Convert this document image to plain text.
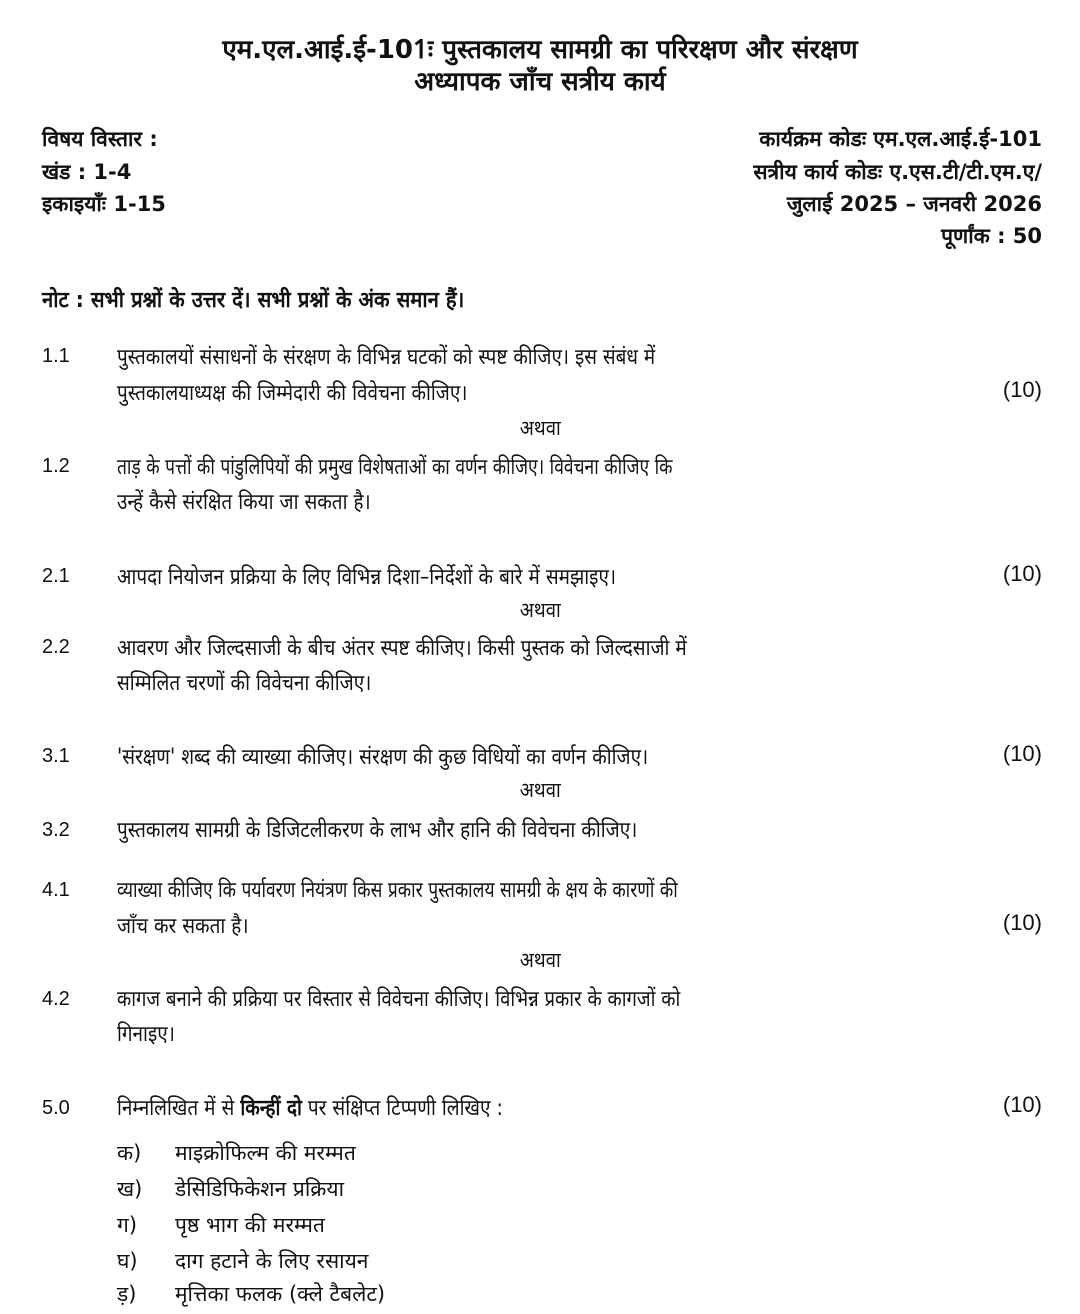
एम.एल.आई.ई-101ः पुस्तकालय सामग्री का परिरक्षण और संरक्षण
अध्यापक जाँच सत्रीय कार्य
विषय विस्तार :
खंड : 1-4
इकाइयाँः 1-15
कार्यक्रम कोडः एम.एल.आई.ई-101
सत्रीय कार्य कोडः ए.एस.टी/टी.एम.ए/
जुलाई 2025 – जनवरी 2026
पूर्णांक : 50
नोट : सभी प्रश्नों के उत्तर दें। सभी प्रश्नों के अंक समान हैं।
1.1 पुस्तकालयों संसाधनों के संरक्षण के विभिन्न घटकों को स्पष्ट कीजिए। इस संबंध में
पुस्तकालयाध्यक्ष की जिम्मेदारी की विवेचना कीजिए।	(10)
अथवा
1.2 ताड़ के पत्तों की पांडुलिपियों की प्रमुख विशेषताओं का वर्णन कीजिए। विवेचना कीजिए कि
उन्हें कैसे संरक्षित किया जा सकता है।
2.1 आपदा नियोजन प्रक्रिया के लिए विभिन्न दिशा–निर्देशों के बारे में समझाइए।	(10)
अथवा
2.2 आवरण और जिल्दसाजी के बीच अंतर स्पष्ट कीजिए। किसी पुस्तक को जिल्दसाजी में
सम्मिलित चरणों की विवेचना कीजिए।
3.1 'संरक्षण' शब्द की व्याख्या कीजिए। संरक्षण की कुछ विधियों का वर्णन कीजिए।	(10)
अथवा
3.2 पुस्तकालय सामग्री के डिजिटलीकरण के लाभ और हानि की विवेचना कीजिए।
4.1 व्याख्या कीजिए कि पर्यावरण नियंत्रण किस प्रकार पुस्तकालय सामग्री के क्षय के कारणों की
जाँच कर सकता है।	(10)
अथवा
4.2 कागज बनाने की प्रक्रिया पर विस्तार से विवेचना कीजिए। विभिन्न प्रकार के कागजों को
गिनाइए।
5.0 निम्नलिखित में से किन्हीं दो पर संक्षिप्त टिप्पणी लिखिए :	(10)
क) माइक्रोफिल्म की मरम्मत
ख) डेसिडिफिकेशन प्रक्रिया
ग) पृष्ठ भाग की मरम्मत
घ) दाग हटाने के लिए रसायन
ड़) मृत्तिका फलक (क्ले टैबलेट)
